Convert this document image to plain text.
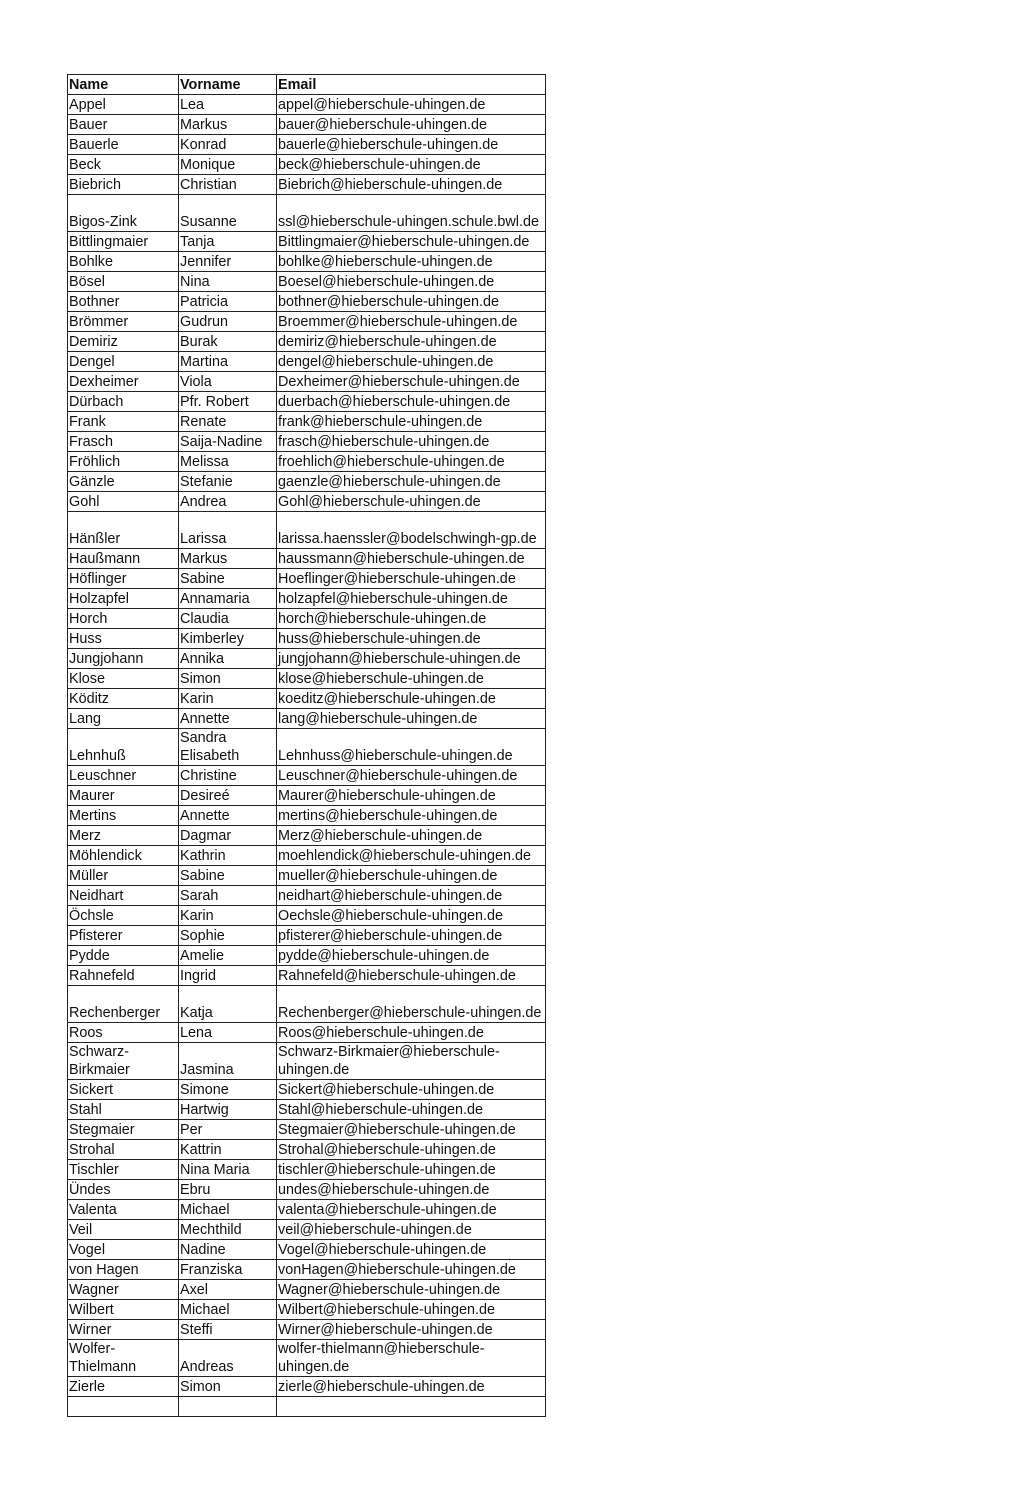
Name	Vorname	Email
Appel	Lea	appel@hieberschule-uhingen.de
Bauer	Markus	bauer@hieberschule-uhingen.de
Bauerle	Konrad	bauerle@hieberschule-uhingen.de
Beck	Monique	beck@hieberschule-uhingen.de
Biebrich	Christian	Biebrich@hieberschule-uhingen.de
Bigos-Zink	Susanne	ssl@hieberschule-uhingen.schule.bwl.de
Bittlingmaier	Tanja	Bittlingmaier@hieberschule-uhingen.de
Bohlke	Jennifer	bohlke@hieberschule-uhingen.de
Bösel	Nina	Boesel@hieberschule-uhingen.de
Bothner	Patricia	bothner@hieberschule-uhingen.de
Brömmer	Gudrun	Broemmer@hieberschule-uhingen.de
Demiriz	Burak	demiriz@hieberschule-uhingen.de
Dengel	Martina	dengel@hieberschule-uhingen.de
Dexheimer	Viola	Dexheimer@hieberschule-uhingen.de
Dürbach	Pfr. Robert	duerbach@hieberschule-uhingen.de
Frank	Renate	frank@hieberschule-uhingen.de
Frasch	Saija-Nadine	frasch@hieberschule-uhingen.de
Fröhlich	Melissa	froehlich@hieberschule-uhingen.de
Gänzle	Stefanie	gaenzle@hieberschule-uhingen.de
Gohl	Andrea	Gohl@hieberschule-uhingen.de
Hänßler	Larissa	larissa.haenssler@bodelschwingh-gp.de
Haußmann	Markus	haussmann@hieberschule-uhingen.de
Höflinger	Sabine	Hoeflinger@hieberschule-uhingen.de
Holzapfel	Annamaria	holzapfel@hieberschule-uhingen.de
Horch	Claudia	horch@hieberschule-uhingen.de
Huss	Kimberley	huss@hieberschule-uhingen.de
Jungjohann	Annika	jungjohann@hieberschule-uhingen.de
Klose	Simon	klose@hieberschule-uhingen.de
Köditz	Karin	koeditz@hieberschule-uhingen.de
Lang	Annette	lang@hieberschule-uhingen.de
Lehnhuß	Sandra Elisabeth	Lehnhuss@hieberschule-uhingen.de
Leuschner	Christine	Leuschner@hieberschule-uhingen.de
Maurer	Desireé	Maurer@hieberschule-uhingen.de
Mertins	Annette	mertins@hieberschule-uhingen.de
Merz	Dagmar	Merz@hieberschule-uhingen.de
Möhlendick	Kathrin	moehlendick@hieberschule-uhingen.de
Müller	Sabine	mueller@hieberschule-uhingen.de
Neidhart	Sarah	neidhart@hieberschule-uhingen.de
Öchsle	Karin	Oechsle@hieberschule-uhingen.de
Pfisterer	Sophie	pfisterer@hieberschule-uhingen.de
Pydde	Amelie	pydde@hieberschule-uhingen.de
Rahnefeld	Ingrid	Rahnefeld@hieberschule-uhingen.de
Rechenberger	Katja	Rechenberger@hieberschule-uhingen.de
Roos	Lena	Roos@hieberschule-uhingen.de
Schwarz-Birkmaier	Jasmina	Schwarz-Birkmaier@hieberschule-uhingen.de
Sickert	Simone	Sickert@hieberschule-uhingen.de
Stahl	Hartwig	Stahl@hieberschule-uhingen.de
Stegmaier	Per	Stegmaier@hieberschule-uhingen.de
Strohal	Kattrin	Strohal@hieberschule-uhingen.de
Tischler	Nina Maria	tischler@hieberschule-uhingen.de
Ündes	Ebru	undes@hieberschule-uhingen.de
Valenta	Michael	valenta@hieberschule-uhingen.de
Veil	Mechthild	veil@hieberschule-uhingen.de
Vogel	Nadine	Vogel@hieberschule-uhingen.de
von Hagen	Franziska	vonHagen@hieberschule-uhingen.de
Wagner	Axel	Wagner@hieberschule-uhingen.de
Wilbert	Michael	Wilbert@hieberschule-uhingen.de
Wirner	Steffi	Wirner@hieberschule-uhingen.de
Wolfer-Thielmann	Andreas	wolfer-thielmann@hieberschule-uhingen.de
Zierle	Simon	zierle@hieberschule-uhingen.de
